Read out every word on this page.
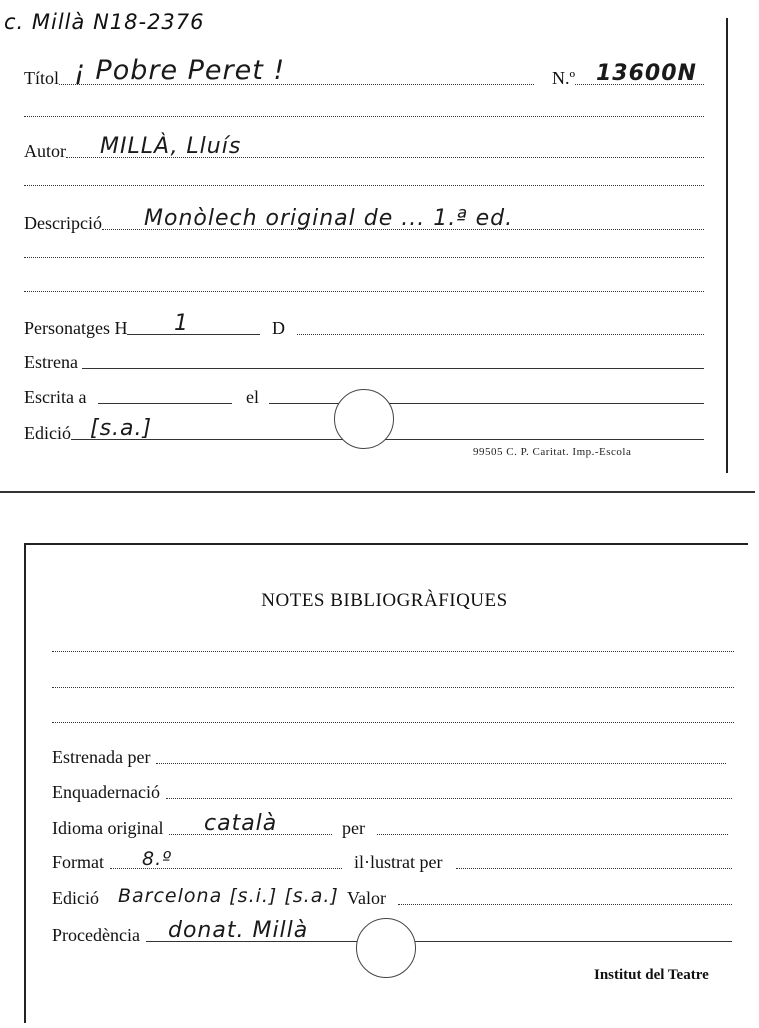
c. Millà N18-2376
Títol ¡ Pobre Peret !	N.º 13600N
Autor MILLÀ, Lluís
Descripció Monòlech original de ... 1.ª ed.
Personatges H 1	D
Estrena
Escrita a	el
Edició [s.a.]
99505 C. P. Caritat. Imp.-Escola
NOTES BIBLIOGRÀFIQUES
Estrenada per
Enquadernació
Idioma original català	per
Format 8.º	il·lustrat per
Edició Barcelona [s.i.] [s.a.] Valor
Procedència donat. Millà
Institut del Teatre
